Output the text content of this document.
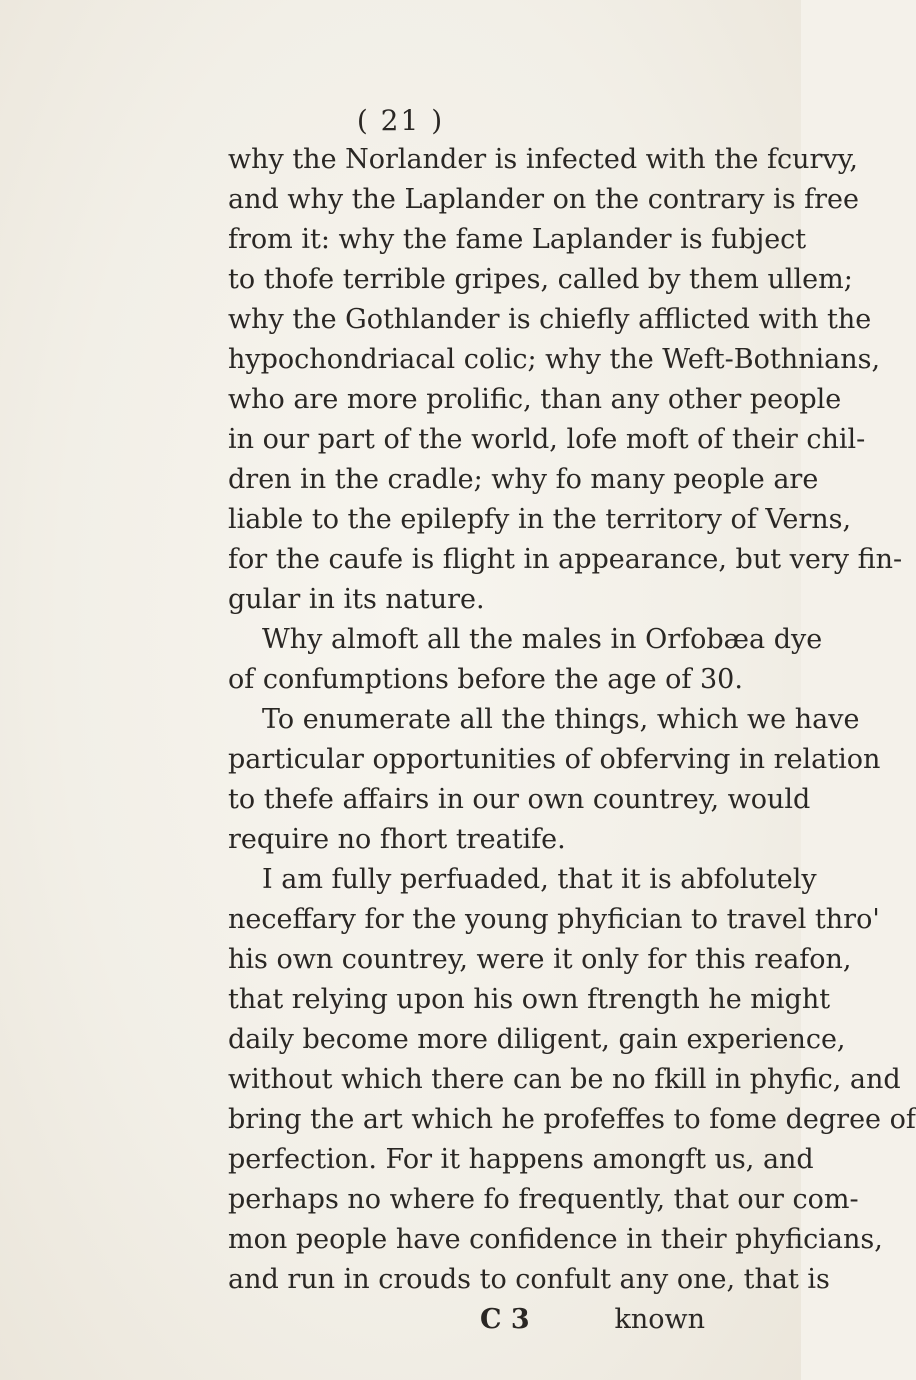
( 21 )
why the Norlander is infected with the fcurvy,
and why the Laplander on the contrary is free
from it: why the fame Laplander is fubject
to thofe terrible gripes, called by them ullem;
why the Gothlander is chiefly afflicted with the
hypochondriacal colic; why the Weft-Bothnians,
who are more prolific, than any other people
in our part of the world, lofe moft of their chil-
dren in the cradle; why fo many people are
liable to the epilepfy in the territory of Verns,
for the caufe is flight in appearance, but very fin-
gular in its nature.
Why almoft all the males in Orfobæa dye
of confumptions before the age of 30.
To enumerate all the things, which we have
particular opportunities of obferving in relation
to thefe affairs in our own countrey, would
require no fhort treatife.
I am fully perfuaded, that it is abfolutely
neceffary for the young phyfician to travel thro'
his own countrey, were it only for this reafon,
that relying upon his own ftrength he might
daily become more diligent, gain experience,
without which there can be no fkill in phyfic, and
bring the art which he profeffes to fome degree of
perfection. For it happens amongft us, and
perhaps no where fo frequently, that our com-
mon people have confidence in their phyficians,
and run in crouds to confult any one, that is
C 3	known
